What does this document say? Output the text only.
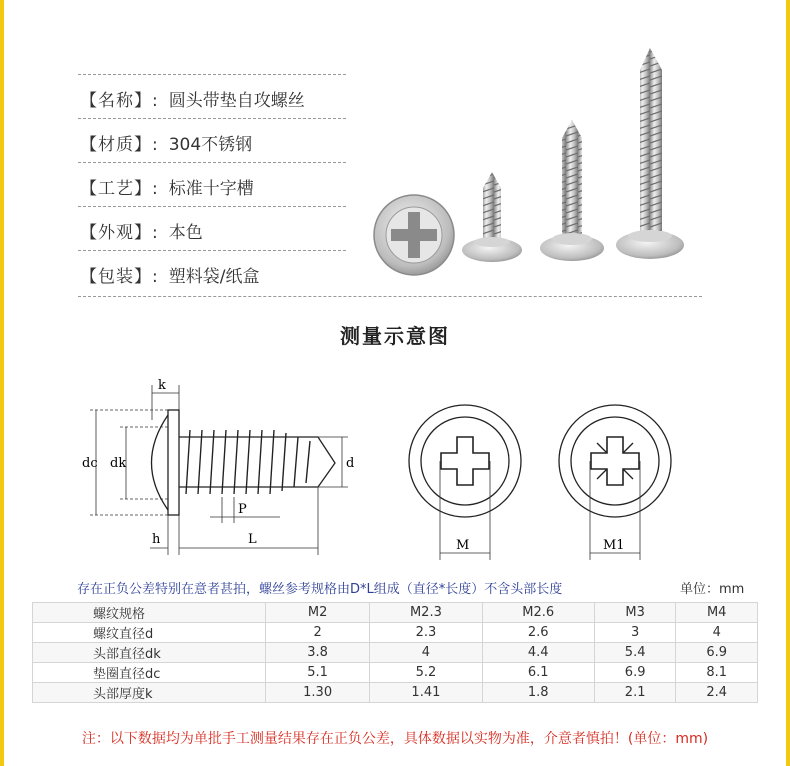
【名称】: 圆头带垫自攻螺丝
【材质】: 304不锈钢
【工艺】: 标准十字槽
【外观】: 本色
【包装】: 塑料袋/纸盒
测量示意图
k
dc dk	d
P
h	L	M	M1
存在正负公差特别在意者甚拍，螺丝参考规格由D*L组成（直径*长度）不含头部长度	单位：mm
螺纹规格	M2	M2.3	M2.6	M3	M4
螺纹直径d	2	2.3	2.6	3	4
头部直径dk	3.8	4	4.4	5.4	6.9
垫圈直径dc	5.1	5.2	6.1	6.9	8.1
头部厚度k	1.30	1.41	1.8	2.1	2.4
注：以下数据均为单批手工测量结果存在正负公差，具体数据以实物为准，介意者慎拍！(单位：mm)
